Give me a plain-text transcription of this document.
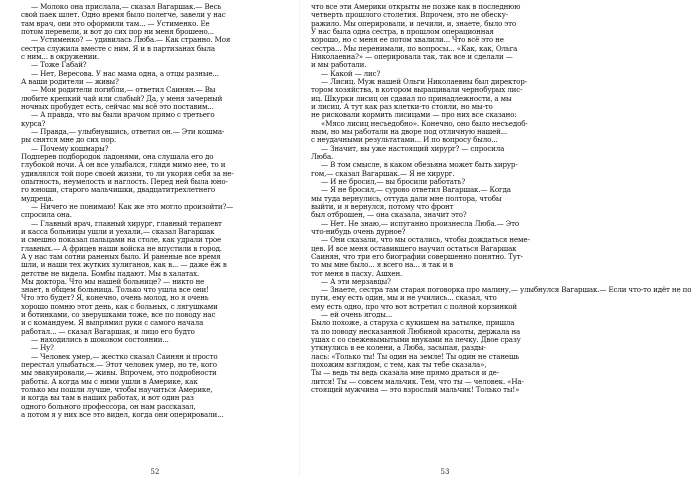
— Молоко она прислала,— сказал Вагаршак.— Весь
свой паек шлет. Одно время было полегче, завели у нас
там врач, они это оформили там... — Устименко. Ее
потом перевели, и вот до сих пор ни меня брошено...
— Устименко? — удивилась Люба.— Как странно. Моя
сестра служила вместе с ним. Я и в партизанах была
с ним... в окружении.
— Тоже Габай?
— Нет, Вересова. У нас мама одна, а отцы разные...
А ваши родители — живы?
— Мои родители погибли,— ответил Саинян.— Вы
любите крепкий чай или слабый? Да, у меня зачерный
ночных пробудет есть, сейчас мы всё это поставим...
— А правда, что вы были врачом прямо с третьего
курса?
— Правда,— улыбнувшись, ответил он.— Эти кошма-
ры снятся мне до сих пор.
— Почему кошмары?
Подперев подбородок ладонями, она слушала его до
глубокой ночи. А он все улыбался, глядя мимо нее, то и
удивлялся той поре своей жизни, то ли укоряя себя за не-
опытность, неумелость и наглость. Перед ней была юно-
го юноши, старого мальчишки, двадцатитрехлетнего
мудреца.
— Ничего не понимаю! Как же это могло произойти?—
спросила она.
— Главный врач, главный хирург, главный терапевт
и касса больницы ушли и уехали,— сказал Вагаршак
и смешно показал пальцами на столе, как удрали трое
главных.— А фрицев наши войска не впустили в город.
А у нас там сотни раненых было. И раненые все время
шли, и наши тех жутких хулиганов, как в... — даже ёж в
детстве не видела. Бомбы падают. Мы в халатах.
Мы доктора. Что мы нашей больнице? — никто не
знает, в общем больница. Только что ушла все они!
Что это будет? Я, конечно, очень молод, но я очень
хорошо помню этот день, как с больных, с лягушками
и ботинками, со зверушками тоже, все по поводу нас
и с командуем. Я выпрямил руки с самого начала
работал... — сказал Вагаршак, и лицо его будто
— находились в шоковом состоянии...
— Ну?
— Человек умер,— жестко сказал Саинян и просто
перестал улыбаться.— Этот человек умер, но те, кого
мы эвакуировали,— живы. Впрочем, это подробности
работы. А когда мы с ними ушли в Америке, как
только мы пошли лучше, чтобы научиться Америке,
и когда вы там в наших работах, и вот один раз
одного больного профессора, он нам рассказал,
а потом я у них все это видел, когда они оперировали...
52
что все эти Америки открыты не позже как в последнюю
четверть прошлого столетия. Впрочем, это не обеску-
ражило. Мы оперировали, и лечили, и, знаете, было это
У нас была одна сестра, в прошлом операционная
хорошо, но с меня ее потом хвалили... Что всё это не
сестра... Мы перенимали, по вопросы... «Как, как, Ольга
Николаевна?» — оперировала так, так все и сделали —
и мы работали.
— Какой — лис?
— Лисиц. Муж нашей Ольги Николаевны был директор-
тором хозяйства, в котором выращивали чернобурых лис-
иц. Шкурки лисиц он сдавал по принадлежности, а мы
и лисиц. А тут как раз клетки-то стояли, но мы-то
не рисковали кормить лисицами — про них все сказано:
«Мясо лисиц несъедобно». Конечно, оно было несъедоб-
ным, но мы работали на дворе под отличную нашей...
с неудачными результатами... И по вопросу было...
— Значит, вы уже настоящий хирург? — спросила
Люба.
— В том смысле, в каком обезьяна может быть хирур-
гом,— сказал Вагаршак.— Я не хирург.
— И не бросил,— вы бросили работать?
— Я не бросил,— сурово ответил Вагаршак.— Когда
мы туда вернулись, оттуда дали мне полтора, чтобы
выйти, и я вернулся, потому что фронт
был отброшен, — она сказала, значит это?
— Нет. Не знаю,— испуганно произнесла Люба.— Это
что-нибудь очень дурное?
— Они сказали, что мы остались, чтобы дождаться неме-
цев. И все меня оставившего научил остаться Вагаршак
Саинян, что три его биографии совершенно понятно. Тут-
то мы мне было... я всего на... я так и в
тот меня в пасху. Ашхен.
— А эти мерзавцы?
— Знаете, сестра там старая поговорка про малину,— улыбнулся Вагаршак.— Если что-то идёт не по
пути, ему есть один, мы и не учились... сказал, что
ему есть одно, про что вот встретил с полной корзинкой
— ей очень ягоды...
Было похоже, а старуха с кукишем на затылке, пришла
та по поводу несказанной Любиной красоты, держала на
ушах с со свежевымытыми внуками на печку. Двое сразу
уткнулись в ее колени, а Люба, засыпая, разды-
лась: «Только ты! Ты один на земле! Ты один не станешь
похожим взглядом, с тем, как ты тебе сказала»,
Ты — ведь ты ведь сказала мне прямо драться и де-
лится! Ты — совсем мальчик. Тем, что ты — человек. «На-
стоящий мужчина — это взрослый мальчик! Только ты!»
53
